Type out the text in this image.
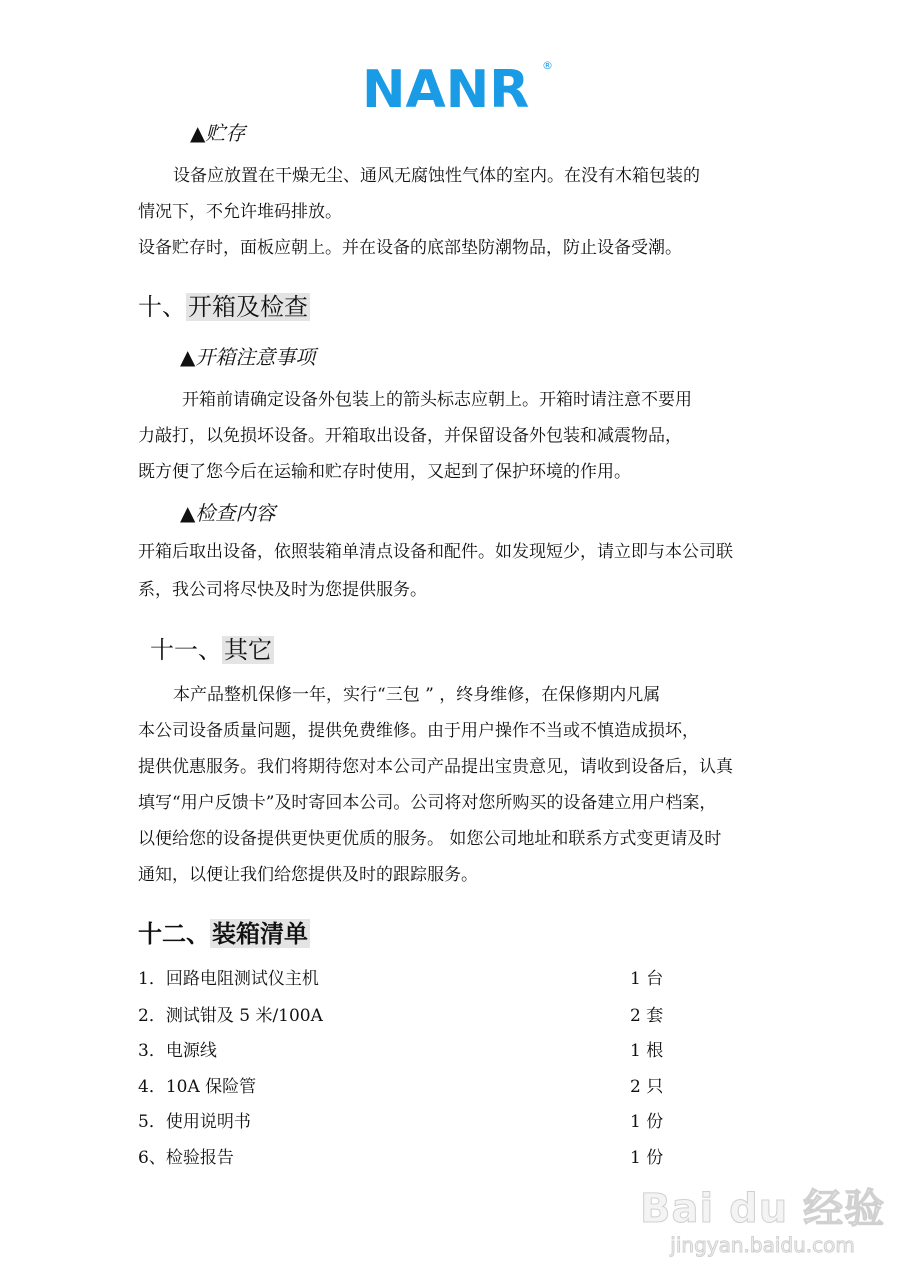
NANR ®
▲贮存
设备应放置在干燥无尘、通风无腐蚀性气体的室内。在没有木箱包装的
情况下，不允许堆码排放。
设备贮存时，面板应朝上。并在设备的底部垫防潮物品，防止设备受潮。
十、开箱及检查
▲开箱注意事项
开箱前请确定设备外包装上的箭头标志应朝上。开箱时请注意不要用
力敲打，以免损坏设备。开箱取出设备，并保留设备外包装和减震物品，
既方便了您今后在运输和贮存时使用，又起到了保护环境的作用。
▲检查内容
开箱后取出设备，依照装箱单清点设备和配件。如发现短少，请立即与本公司联
系，我公司将尽快及时为您提供服务。
十一、其它
本产品整机保修一年，实行“三包 ” ，终身维修，在保修期内凡属
本公司设备质量问题，提供免费维修。由于用户操作不当或不慎造成损坏，
提供优惠服务。我们将期待您对本公司产品提出宝贵意见，请收到设备后，认真
填写“用户反馈卡”及时寄回本公司。公司将对您所购买的设备建立用户档案，
以便给您的设备提供更快更优质的服务。 如您公司地址和联系方式变更请及时
通知，以便让我们给您提供及时的跟踪服务。
十二、装箱清单
1．回路电阻测试仪主机	1 台
2．测试钳及 5 米/100A	2 套
3．电源线	1 根
4．10A 保险管	2 只
5．使用说明书	1 份
6、检验报告	1 份
Bai du 经验
jingyan.baidu.com
